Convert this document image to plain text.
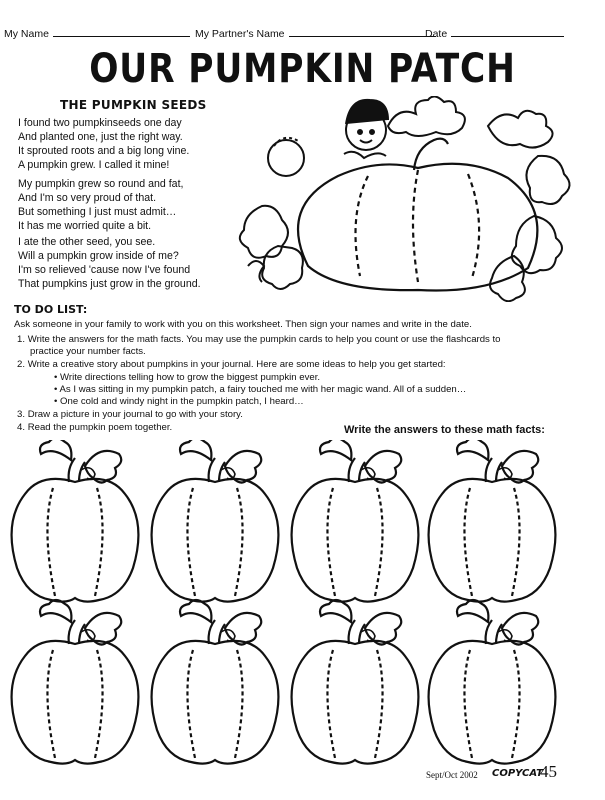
My Name	My Partner's Name	Date
OUR PUMPKIN PATCH
THE PUMPKIN SEEDS
I found two pumpkinseeds one day
And planted one, just the right way.
It sprouted roots and a big long vine.
A pumpkin grew. I called it mine!
My pumpkin grew so round and fat,
And I'm so very proud of that.
But something I just must admit…
It has me worried quite a bit.
I ate the other seed, you see.
Will a pumpkin grow inside of me?
I'm so relieved 'cause now I've found
That pumpkins just grow in the ground.
TO DO LIST:
Ask someone in your family to work with you on this worksheet. Then sign your names and write in the date.
1. Write the answers for the math facts. You may use the pumpkin cards to help you count or use the flashcards to
practice your number facts.
2. Write a creative story about pumpkins in your journal. Here are some ideas to help you get started:
• Write directions telling how to grow the biggest pumpkin ever.
• As I was sitting in my pumpkin patch, a fairy touched me with her magic wand. All of a sudden…
• One cold and windy night in the pumpkin patch, I heard…
3. Draw a picture in your journal to go with your story.
4. Read the pumpkin poem together.	Write the answers to these math facts:
Sept/Oct 2002 COPYCAT
45
